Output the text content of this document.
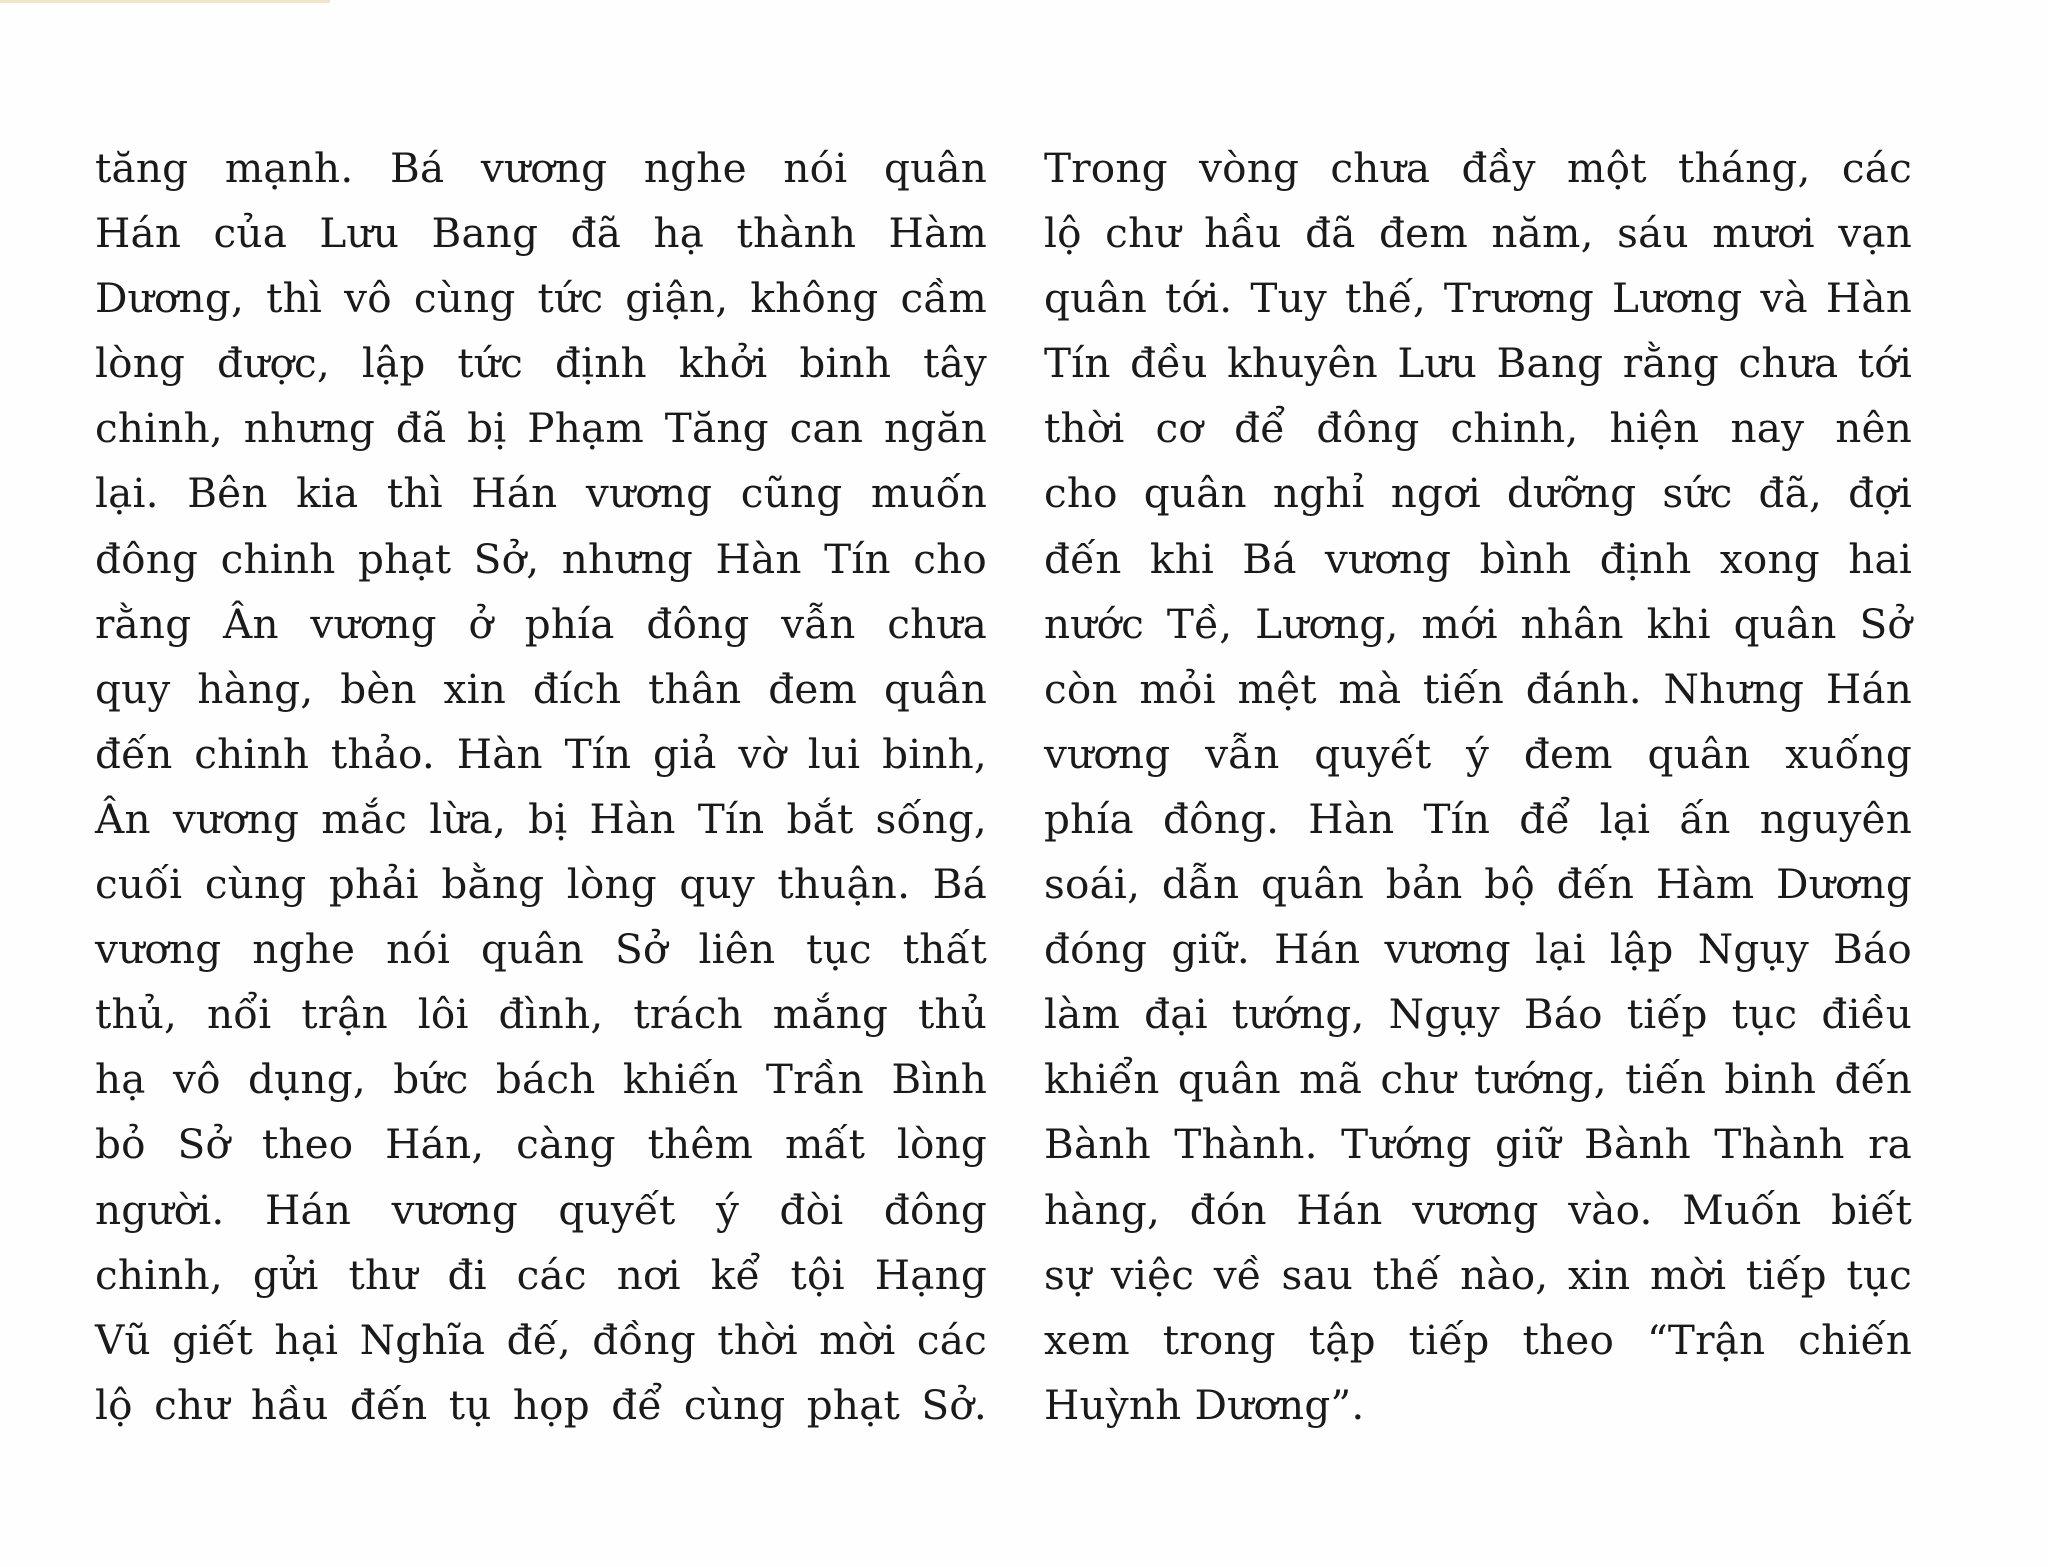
tăng mạnh. Bá vương nghe nói quân
Hán của Lưu Bang đã hạ thành Hàm
Dương, thì vô cùng tức giận, không cầm
lòng được, lập tức định khởi binh tây
chinh, nhưng đã bị Phạm Tăng can ngăn
lại. Bên kia thì Hán vương cũng muốn
đông chinh phạt Sở, nhưng Hàn Tín cho
rằng Ân vương ở phía đông vẫn chưa
quy hàng, bèn xin đích thân đem quân
đến chinh thảo. Hàn Tín giả vờ lui binh,
Ân vương mắc lừa, bị Hàn Tín bắt sống,
cuối cùng phải bằng lòng quy thuận. Bá
vương nghe nói quân Sở liên tục thất
thủ, nổi trận lôi đình, trách mắng thủ
hạ vô dụng, bức bách khiến Trần Bình
bỏ Sở theo Hán, càng thêm mất lòng
người. Hán vương quyết ý đòi đông
chinh, gửi thư đi các nơi kể tội Hạng
Vũ giết hại Nghĩa đế, đồng thời mời các
lộ chư hầu đến tụ họp để cùng phạt Sở.
Trong vòng chưa đầy một tháng, các
lộ chư hầu đã đem năm, sáu mươi vạn
quân tới. Tuy thế, Trương Lương và Hàn
Tín đều khuyên Lưu Bang rằng chưa tới
thời cơ để đông chinh, hiện nay nên
cho quân nghỉ ngơi dưỡng sức đã, đợi
đến khi Bá vương bình định xong hai
nước Tề, Lương, mới nhân khi quân Sở
còn mỏi mệt mà tiến đánh. Nhưng Hán
vương vẫn quyết ý đem quân xuống
phía đông. Hàn Tín để lại ấn nguyên
soái, dẫn quân bản bộ đến Hàm Dương
đóng giữ. Hán vương lại lập Ngụy Báo
làm đại tướng, Ngụy Báo tiếp tục điều
khiển quân mã chư tướng, tiến binh đến
Bành Thành. Tướng giữ Bành Thành ra
hàng, đón Hán vương vào. Muốn biết
sự việc về sau thế nào, xin mời tiếp tục
xem trong tập tiếp theo “Trận chiến
Huỳnh Dương”.
